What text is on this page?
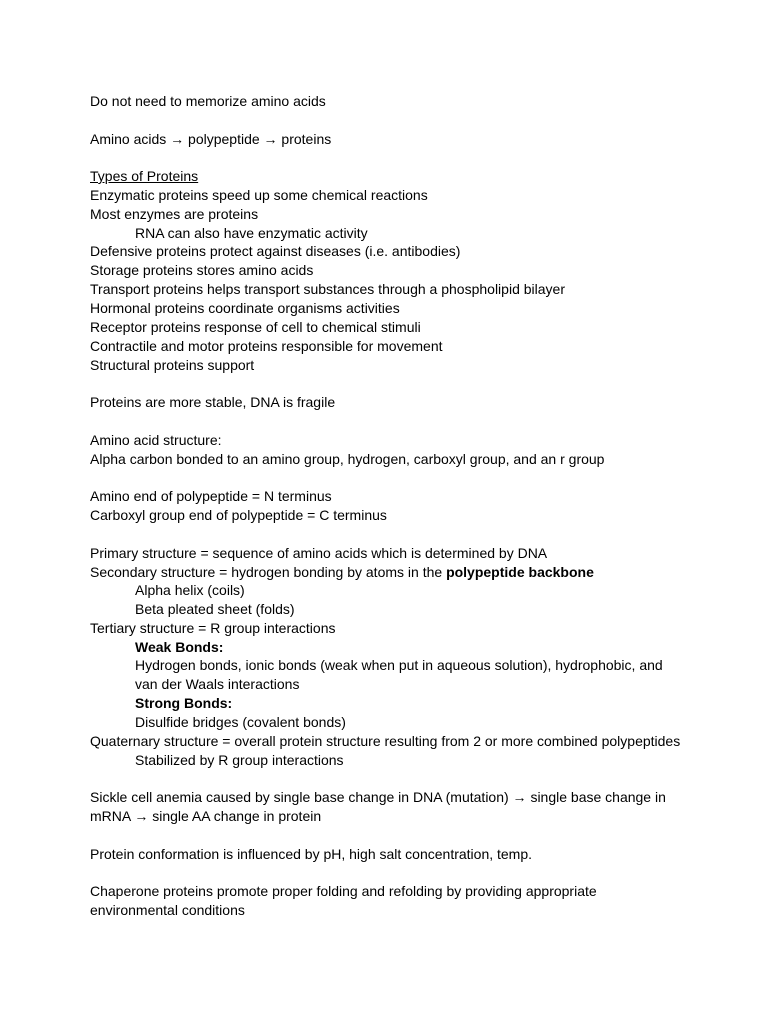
Do not need to memorize amino acids
Amino acids → polypeptide → proteins
Types of Proteins
Enzymatic proteins speed up some chemical reactions
Most enzymes are proteins
RNA can also have enzymatic activity
Defensive proteins protect against diseases (i.e. antibodies)
Storage proteins stores amino acids
Transport proteins helps transport substances through a phospholipid bilayer
Hormonal proteins coordinate organisms activities
Receptor proteins response of cell to chemical stimuli
Contractile and motor proteins responsible for movement
Structural proteins support
Proteins are more stable, DNA is fragile
Amino acid structure:
Alpha carbon bonded to an amino group, hydrogen, carboxyl group, and an r group
Amino end of polypeptide = N terminus
Carboxyl group end of polypeptide = C terminus
Primary structure = sequence of amino acids which is determined by DNA
Secondary structure = hydrogen bonding by atoms in the polypeptide backbone
Alpha helix (coils)
Beta pleated sheet (folds)
Tertiary structure = R group interactions
Weak Bonds:
Hydrogen bonds, ionic bonds (weak when put in aqueous solution), hydrophobic, and
van der Waals interactions
Strong Bonds:
Disulfide bridges (covalent bonds)
Quaternary structure = overall protein structure resulting from 2 or more combined polypeptides
Stabilized by R group interactions
Sickle cell anemia caused by single base change in DNA (mutation) → single base change in
mRNA → single AA change in protein
Protein conformation is influenced by pH, high salt concentration, temp.
Chaperone proteins promote proper folding and refolding by providing appropriate
environmental conditions
